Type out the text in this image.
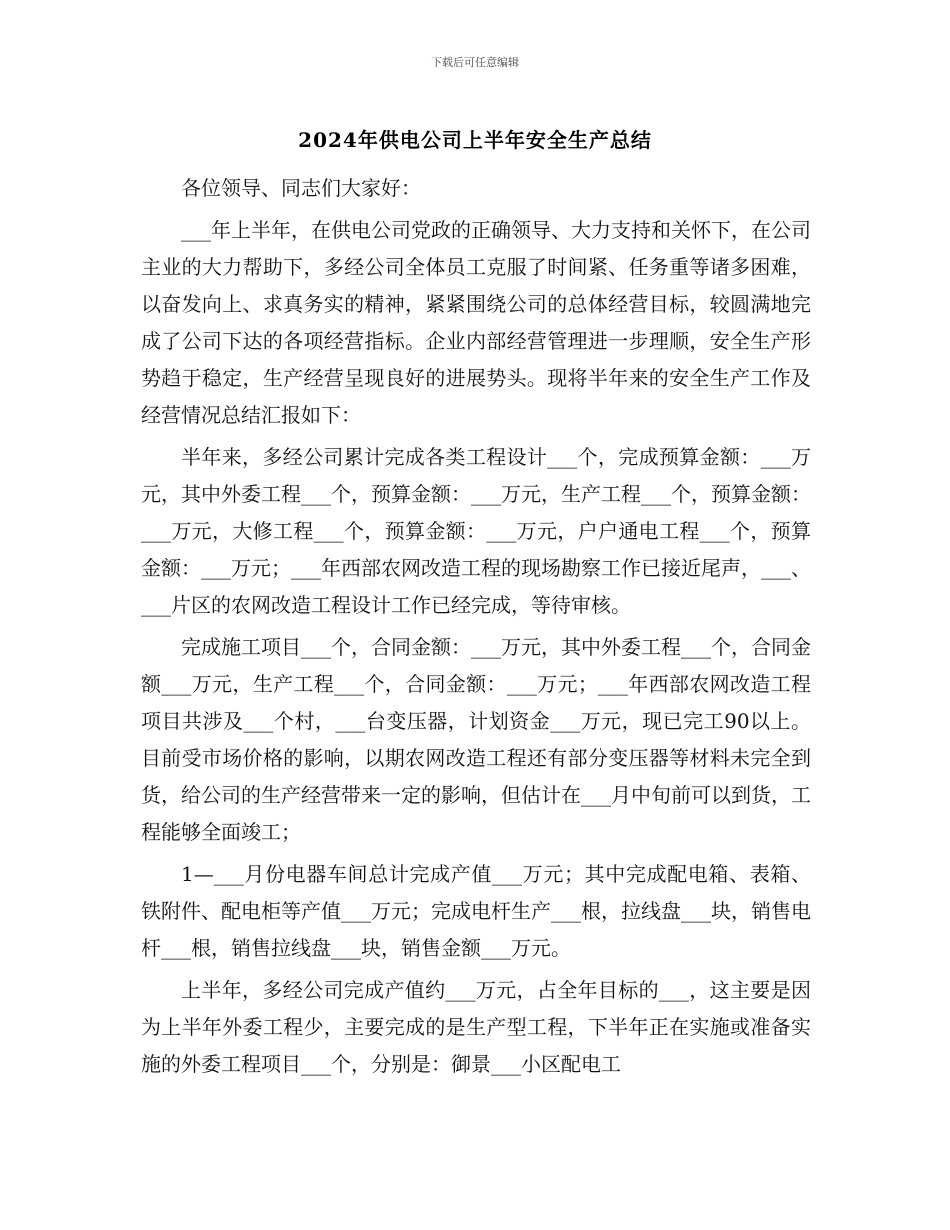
下载后可任意编辑
2024年供电公司上半年安全生产总结

各位领导、同志们大家好：

___年上半年，在供电公司党政的正确领导、大力支持和关怀下，在公司主业的大力帮助下，多经公司全体员工克服了时间紧、任务重等诸多困难，以奋发向上、求真务实的精神，紧紧围绕公司的总体经营目标，较圆满地完成了公司下达的各项经营指标。企业内部经营管理进一步理顺，安全生产形势趋于稳定，生产经营呈现良好的进展势头。现将半年来的安全生产工作及经营情况总结汇报如下：

半年来，多经公司累计完成各类工程设计___个，完成预算金额：___万元，其中外委工程___个，预算金额：___万元，生产工程___个，预算金额：___万元，大修工程___个，预算金额：___万元，户户通电工程___个，预算金额：___万元；___年西部农网改造工程的现场勘察工作已接近尾声，___、___片区的农网改造工程设计工作已经完成，等待审核。

完成施工项目___个，合同金额：___万元，其中外委工程___个，合同金额___万元，生产工程___个，合同金额：___万元；___年西部农网改造工程项目共涉及___个村，___台变压器，计划资金___万元，现已完工90以上。目前受市场价格的影响，以期农网改造工程还有部分变压器等材料未完全到货，给公司的生产经营带来一定的影响，但估计在___月中旬前可以到货，工程能够全面竣工；

1—___月份电器车间总计完成产值___万元；其中完成配电箱、表箱、铁附件、配电柜等产值___万元；完成电杆生产___根，拉线盘___块，销售电杆___根，销售拉线盘___块，销售金额___万元。

上半年，多经公司完成产值约___万元，占全年目标的___，这主要是因为上半年外委工程少，主要完成的是生产型工程，下半年正在实施或准备实施的外委工程项目___个，分别是：御景___小区配电工
